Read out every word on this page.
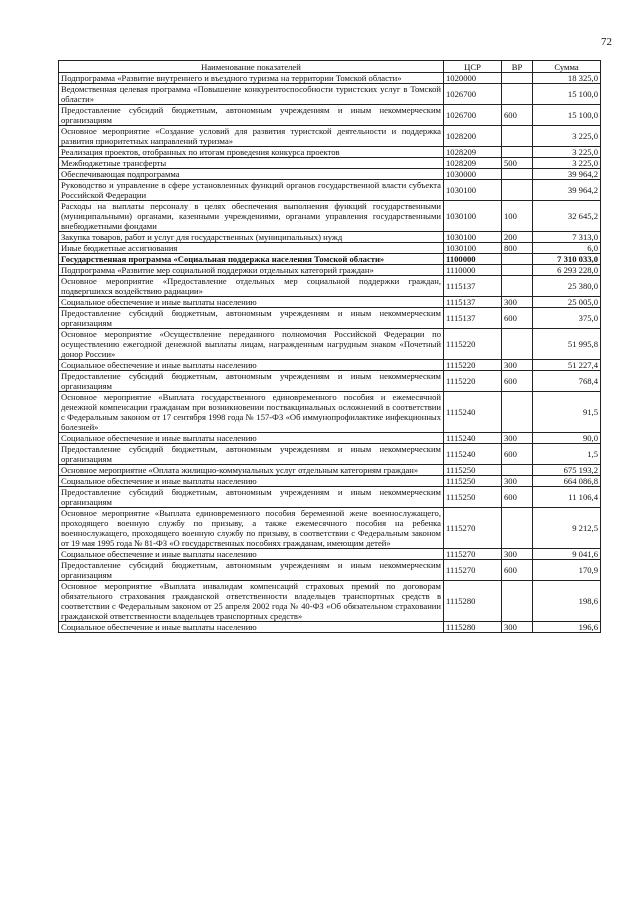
72
Наименование показателей	ЦСР	ВР	Сумма
Подпрограмма «Развитие внутреннего и въездного туризма на территории Томской области»	1020000		18 325,0
Ведомственная целевая программа «Повышение конкурентоспособности туристских услуг в Томской области»	1026700		15 100,0
Предоставление субсидий бюджетным, автономным учреждениям и иным некоммерческим организациям	1026700	600	15 100,0
Основное мероприятие «Создание условий для развития туристской деятельности и поддержка развития приоритетных направлений туризма»	1028200		3 225,0
Реализация проектов, отобранных по итогам проведения конкурса проектов	1028209		3 225,0
Межбюджетные трансферты	1028209	500	3 225,0
Обеспечивающая подпрограмма	1030000		39 964,2
Руководство и управление в сфере установленных функций органов государственной власти субъекта Российской Федерации	1030100		39 964,2
Расходы на выплаты персоналу в целях обеспечения выполнения функций государственными (муниципальными) органами, казенными учреждениями, органами управления государственными внебюджетными фондами	1030100	100	32 645,2
Закупка товаров, работ и услуг для государственных (муниципальных) нужд	1030100	200	7 313,0
Иные бюджетные ассигнования	1030100	800	6,0
Государственная программа «Социальная поддержка населения Томской области»	1100000		7 310 033,0
Подпрограмма «Развитие мер социальной поддержки отдельных категорий граждан»	1110000		6 293 228,0
Основное мероприятие «Предоставление отдельных мер социальной поддержки граждан, подвергшихся воздействию радиации»	1115137		25 380,0
Социальное обеспечение и иные выплаты населению	1115137	300	25 005,0
Предоставление субсидий бюджетным, автономным учреждениям и иным некоммерческим организациям	1115137	600	375,0
Основное мероприятие «Осуществление переданного полномочия Российской Федерации по осуществлению ежегодной денежной выплаты лицам, награжденным нагрудным знаком «Почетный донор России»	1115220		51 995,8
Социальное обеспечение и иные выплаты населению	1115220	300	51 227,4
Предоставление субсидий бюджетным, автономным учреждениям и иным некоммерческим организациям	1115220	600	768,4
Основное мероприятие «Выплата государственного единовременного пособия и ежемесячной денежной компенсации гражданам при возникновении поствакцинальных осложнений в соответствии с Федеральным законом от 17 сентября 1998 года № 157-ФЗ «Об иммунопрофилактике инфекционных болезней»	1115240		91,5
Социальное обеспечение и иные выплаты населению	1115240	300	90,0
Предоставление субсидий бюджетным, автономным учреждениям и иным некоммерческим организациям	1115240	600	1,5
Основное мероприятие «Оплата жилищно-коммунальных услуг отдельным категориям граждан»	1115250		675 193,2
Социальное обеспечение и иные выплаты населению	1115250	300	664 086,8
Предоставление субсидий бюджетным, автономным учреждениям и иным некоммерческим организациям	1115250	600	11 106,4
Основное мероприятие «Выплата единовременного пособия беременной жене военнослужащего, проходящего военную службу по призыву, а также ежемесячного пособия на ребенка военнослужащего, проходящего военную службу по призыву, в соответствии с Федеральным законом от 19 мая 1995 года № 81-ФЗ «О государственных пособиях гражданам, имеющим детей»	1115270		9 212,5
Социальное обеспечение и иные выплаты населению	1115270	300	9 041,6
Предоставление субсидий бюджетным, автономным учреждениям и иным некоммерческим организациям	1115270	600	170,9
Основное мероприятие «Выплата инвалидам компенсаций страховых премий по договорам обязательного страхования гражданской ответственности владельцев транспортных средств в соответствии с Федеральным законом от 25 апреля 2002 года № 40-ФЗ «Об обязательном страховании гражданской ответственности владельцев транспортных средств»	1115280		198,6
Социальное обеспечение и иные выплаты населению	1115280	300	196,6
